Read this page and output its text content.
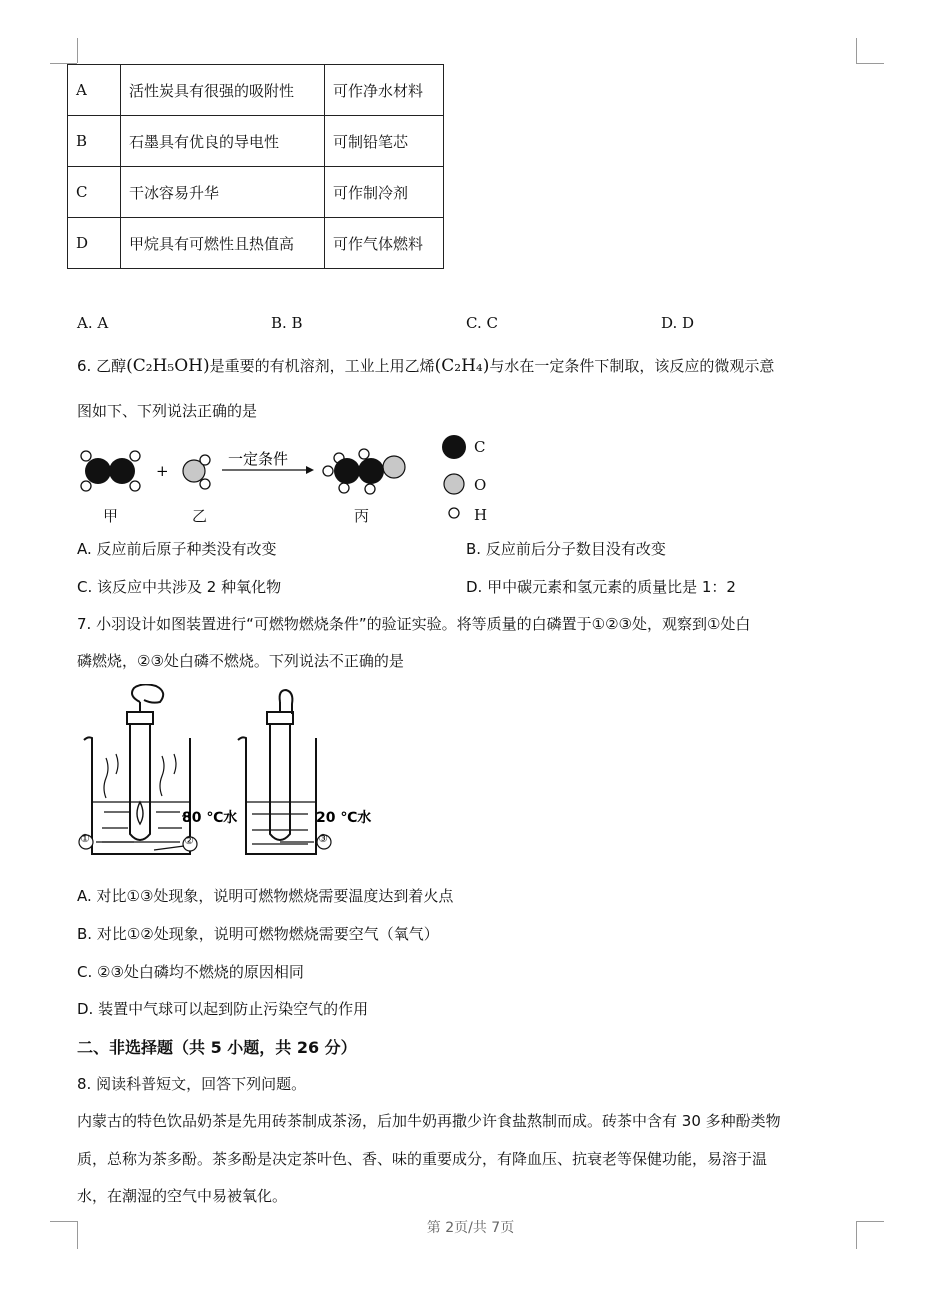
A	活性炭具有很强的吸附性	可作净水材料
B	石墨具有优良的导电性	可制铅笔芯
C	干冰容易升华	可作制冷剂
D	甲烷具有可燃性且热值高	可作气体燃料
A. A	B. B	C. C	D. D
6. 乙醇(C₂H₅OH)是重要的有机溶剂，工业上用乙烯(C₂H₄)与水在一定条件下制取，该反应的微观示意
图如下、下列说法正确的是
+
一定条件
甲	乙	丙
C
O
H
A. 反应前后原子种类没有改变	B. 反应前后分子数目没有改变
C. 该反应中共涉及 2 种氧化物	D. 甲中碳元素和氢元素的质量比是 1：2
7. 小羽设计如图装置进行“可燃物燃烧条件”的验证实验。将等质量的白磷置于①②③处，观察到①处白
磷燃烧，②③处白磷不燃烧。下列说法不正确的是
80 ℃水	20 ℃水
①	②	③
A. 对比①③处现象，说明可燃物燃烧需要温度达到着火点
B. 对比①②处现象，说明可燃物燃烧需要空气（氧气）
C. ②③处白磷均不燃烧的原因相同
D. 装置中气球可以起到防止污染空气的作用
二、非选择题（共 5 小题，共 26 分）
8. 阅读科普短文，回答下列问题。
内蒙古的特色饮品奶茶是先用砖茶制成茶汤，后加牛奶再撒少许食盐熬制而成。砖茶中含有 30 多种酚类物
质，总称为茶多酚。茶多酚是决定茶叶色、香、味的重要成分，有降血压、抗衰老等保健功能，易溶于温
水，在潮湿的空气中易被氧化。
第 2页/共 7页
